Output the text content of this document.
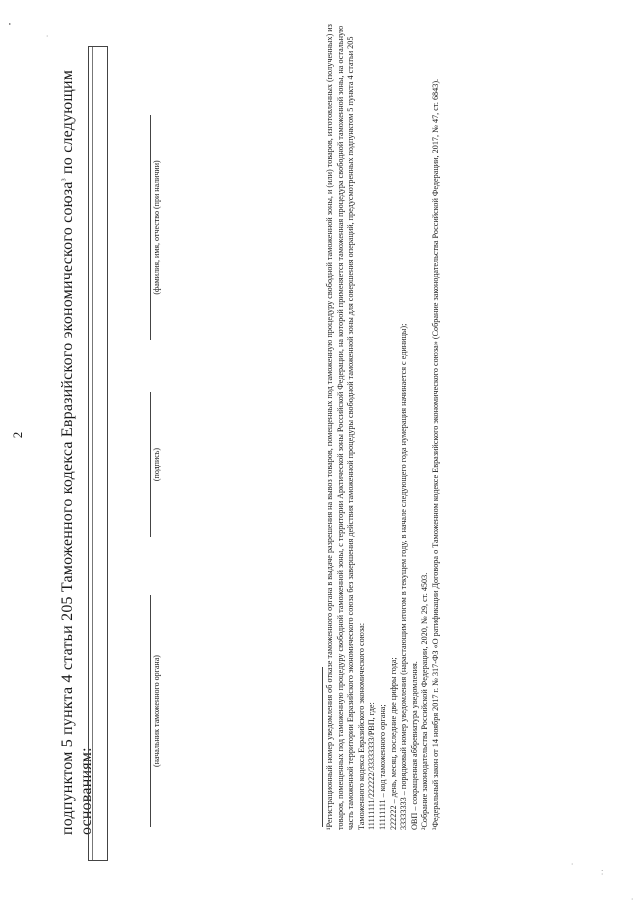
2 подпунктом 5 пункта 4 статьи 205 Таможенного кодекса Евразийского экономического союза$^3$ по следующим
основаниям:
(начальник таможенного органа)
(подпись)
(фамилия, имя, отчество (при наличии)	¹Регистрационный номер уведомления об отказе таможенного органа в выдаче разрешения на вывоз товаров, помещенных под таможенную процедуру свободной таможенной зоны, и (или) товаров, изготовленных (полученных) из товаров, помещенных под таможенную процедуру свободной таможенной зоны, с территории Арктической зоны Российской Федерации, на которой применяется таможенная процедура свободной таможенной зоны, на остальную часть таможенной территории Евразийского экономического союза без завершения действия таможенной процедуры свободной таможенной зоны для совершения операций, предусмотренных подпунктом 5 пункта 4 статьи 205 Таможенного кодекса Евразийского экономического союза: 11111111/222222/33333333/РВП, где: 11111111 – код таможенного органа; 222222 – день, месяц, последние две цифры года; 33333333 – порядковый номер уведомления (нарастающим итогом в текущем году, в начале следующего года нумерация начинается с единицы); ОВП – сокращенная аббревиатура уведомления. ²Собрание законодательства Российской Федерации, 2020, № 29, ст. 4503. ³Федеральный закон от 14 ноября 2017 г. № 317-ФЗ «О ратификации Договора о Таможенном кодексе Евразийского экономического союза» (Собрание законодательства Российской Федерации, 2017, № 47, ст. 6843).

•
·
·
· ·
·
